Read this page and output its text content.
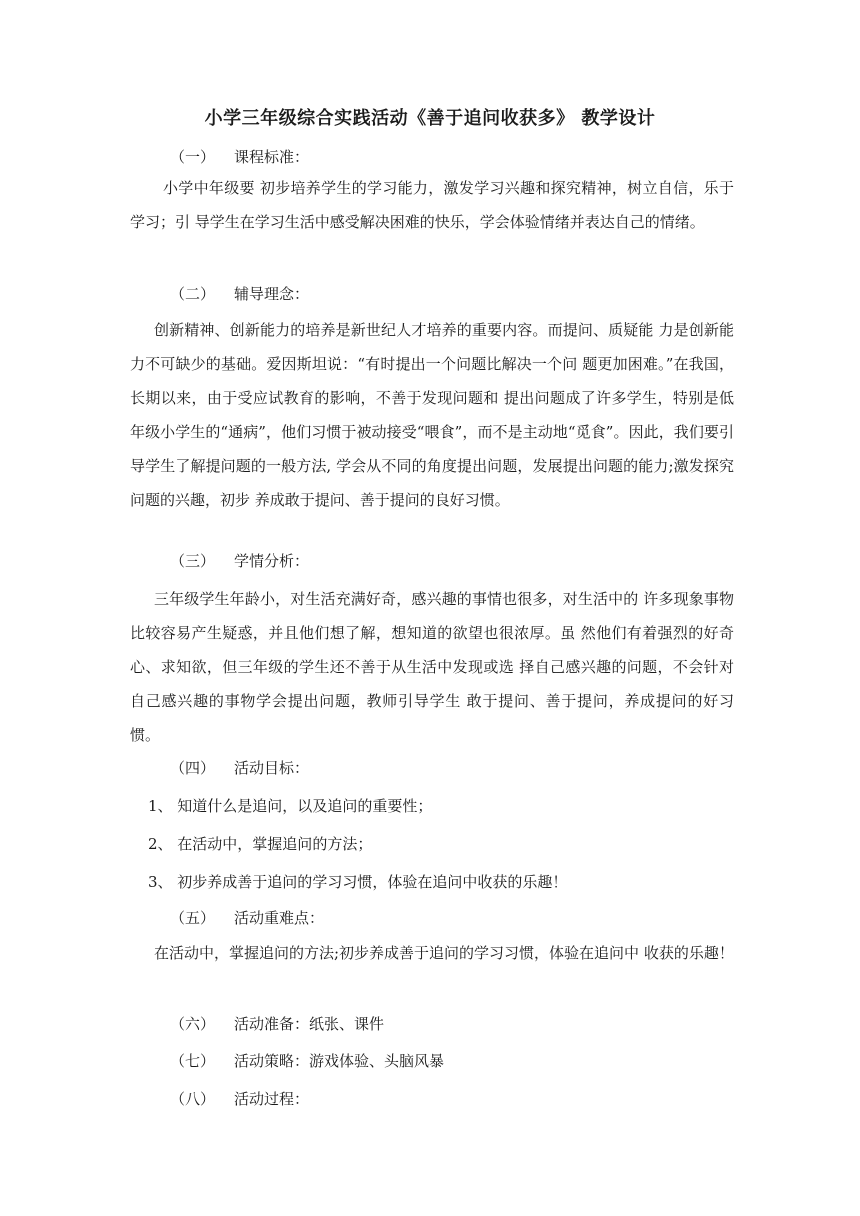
小学三年级综合实践活动《善于追问收获多》 教学设计
（一） 课程标准：
小学中年级要 初步培养学生的学习能力，激发学习兴趣和探究精神，树立自信，乐于学习；引 导学生在学习生活中感受解决困难的快乐，学会体验情绪并表达自己的情绪。
（二） 辅导理念：
创新精神、创新能力的培养是新世纪人才培养的重要内容。而提问、质疑能 力是创新能力不可缺少的基础。爱因斯坦说：“有时提出一个问题比解决一个问 题更加困难。”在我国，长期以来，由于受应试教育的影响，不善于发现问题和 提出问题成了许多学生，特别是低年级小学生的“通病”，他们习惯于被动接受“喂食”，而不是主动地“觅食”。因此，我们要引导学生了解提问题的一般方法, 学会从不同的角度提出问题，发展提出问题的能力;激发探究问题的兴趣，初步 养成敢于提问、善于提问的良好习惯。
（三） 学情分析：
三年级学生年龄小，对生活充满好奇，感兴趣的事情也很多，对生活中的 许多现象事物比较容易产生疑惑，并且他们想了解，想知道的欲望也很浓厚。虽 然他们有着强烈的好奇心、求知欲，但三年级的学生还不善于从生活中发现或选 择自己感兴趣的问题，不会针对自己感兴趣的事物学会提出问题，教师引导学生 敢于提问、善于提问，养成提问的好习惯。
（四） 活动目标：
1、 知道什么是追问，以及追问的重要性；
2、 在活动中，掌握追问的方法；
3、 初步养成善于追问的学习习惯，体验在追问中收获的乐趣！
（五） 活动重难点：
在活动中，掌握追问的方法;初步养成善于追问的学习习惯，体验在追问中 收获的乐趣！
（六） 活动准备：纸张、课件
（七） 活动策略：游戏体验、头脑风暴
（八） 活动过程：
